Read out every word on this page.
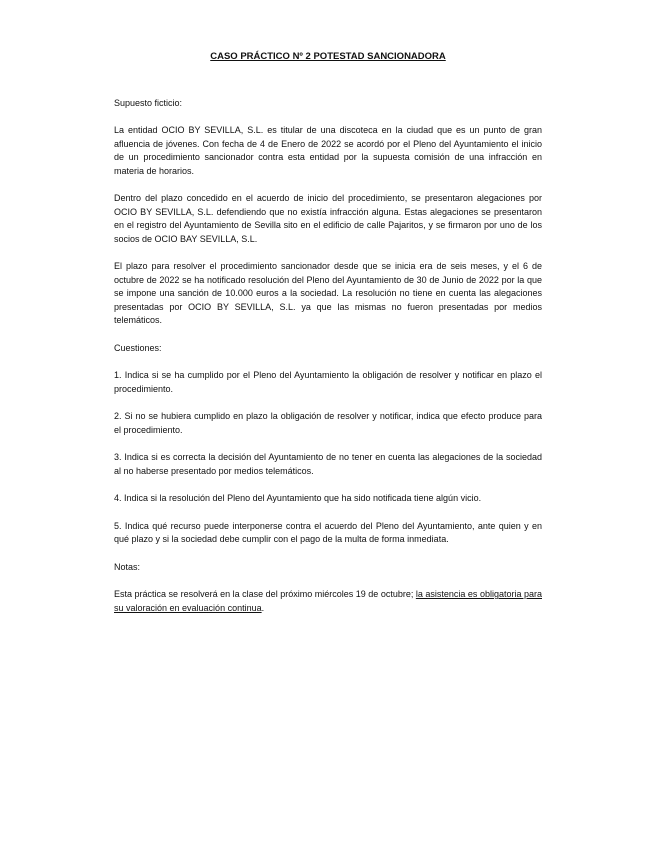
CASO PRÁCTICO Nº 2 POTESTAD SANCIONADORA
Supuesto ficticio:

La entidad OCIO BY SEVILLA, S.L. es titular de una discoteca en la ciudad que es un punto de gran afluencia de jóvenes. Con fecha de 4 de Enero de 2022 se acordó por el Pleno del Ayuntamiento el inicio de un procedimiento sancionador contra esta entidad por la supuesta comisión de una infracción en materia de horarios.

Dentro del plazo concedido en el acuerdo de inicio del procedimiento, se presentaron alegaciones por OCIO BY SEVILLA, S.L. defendiendo que no existía infracción alguna. Estas alegaciones se presentaron en el registro del Ayuntamiento de Sevilla sito en el edificio de calle Pajaritos, y se firmaron por uno de los socios de OCIO BAY SEVILLA, S.L.

El plazo para resolver el procedimiento sancionador desde que se inicia era de seis meses, y el 6 de octubre de 2022 se ha notificado resolución del Pleno del Ayuntamiento de 30 de Junio de 2022 por la que se impone una sanción de 10.000 euros a la sociedad. La resolución no tiene en cuenta las alegaciones presentadas por OCIO BY SEVILLA, S.L. ya que las mismas no fueron presentadas por medios telemáticos.

Cuestiones:

1. Indica si se ha cumplido por el Pleno del Ayuntamiento la obligación de resolver y notificar en plazo el procedimiento.

2. Si no se hubiera cumplido en plazo la obligación de resolver y notificar, indica que efecto produce para el procedimiento.

3. Indica si es correcta la decisión del Ayuntamiento de no tener en cuenta las alegaciones de la sociedad al no haberse presentado por medios telemáticos.

4. Indica si la resolución del Pleno del Ayuntamiento que ha sido notificada tiene algún vicio.

5. Indica qué recurso puede interponerse contra el acuerdo del Pleno del Ayuntamiento, ante quien y en qué plazo y si la sociedad debe cumplir con el pago de la multa de forma inmediata.

Notas:

Esta práctica se resolverá en la clase del próximo miércoles 19 de octubre; la asistencia es obligatoria para su valoración en evaluación continua.
